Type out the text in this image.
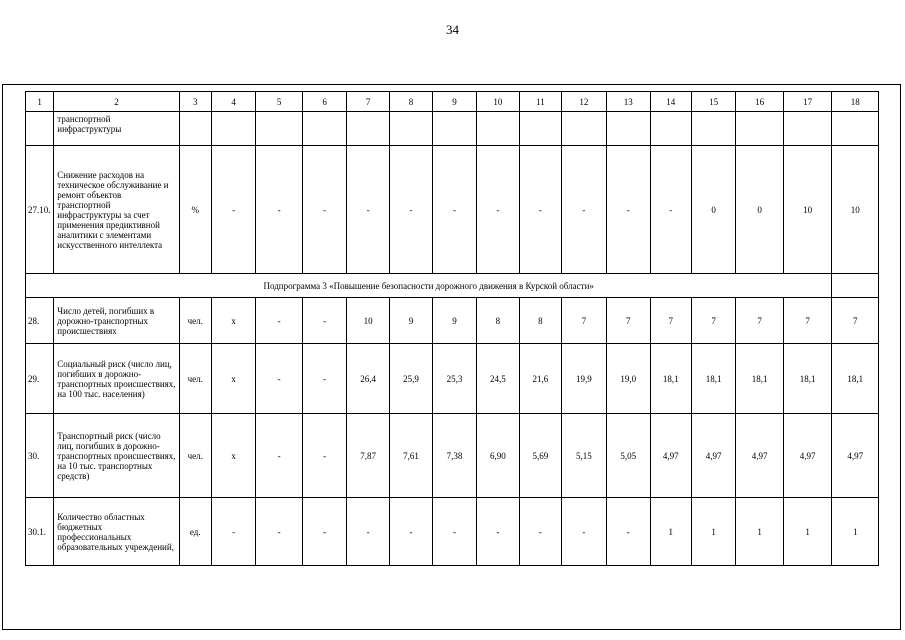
34
1	2	3	4	5	6	7	8	9	10	11	12	13	14	15	16	17	18
	транспортной инфраструктуры																
27.10.	Снижение расходов на техническое обслуживание и ремонт объектов транспортной инфраструктуры за счет применения предиктивной аналитики с элементами искусственного интеллекта	%	-	-	-	-	-	-	-	-	-	-	-	0	0	10	10
Подпрограмма 3 «Повышение безопасности дорожного движения в Курской области»																	
28.	Число детей, погибших в дорожно-транспортных происшествиях	чел.	х	-	-	10	9	9	8	8	7	7	7	7	7	7	7
29.	Социальный риск (число лиц, погибших в дорожно-транспортных происшествиях, на 100 тыс. населения)	чел.	х	-	-	26,4	25,9	25,3	24,5	21,6	19,9	19,0	18,1	18,1	18,1	18,1	18,1
30.	Транспортный риск (число лиц, погибших в дорожно-транспортных происшествиях, на 10 тыс. транспортных средств)	чел.	х	-	-	7,87	7,61	7,38	6,90	5,69	5,15	5,05	4,97	4,97	4,97	4,97	4,97
30.1.	Количество областных бюджетных профессиональных образовательных учреждений,	ед.	-	-	-	-	-	-	-	-	-	-	1	1	1	1	1
